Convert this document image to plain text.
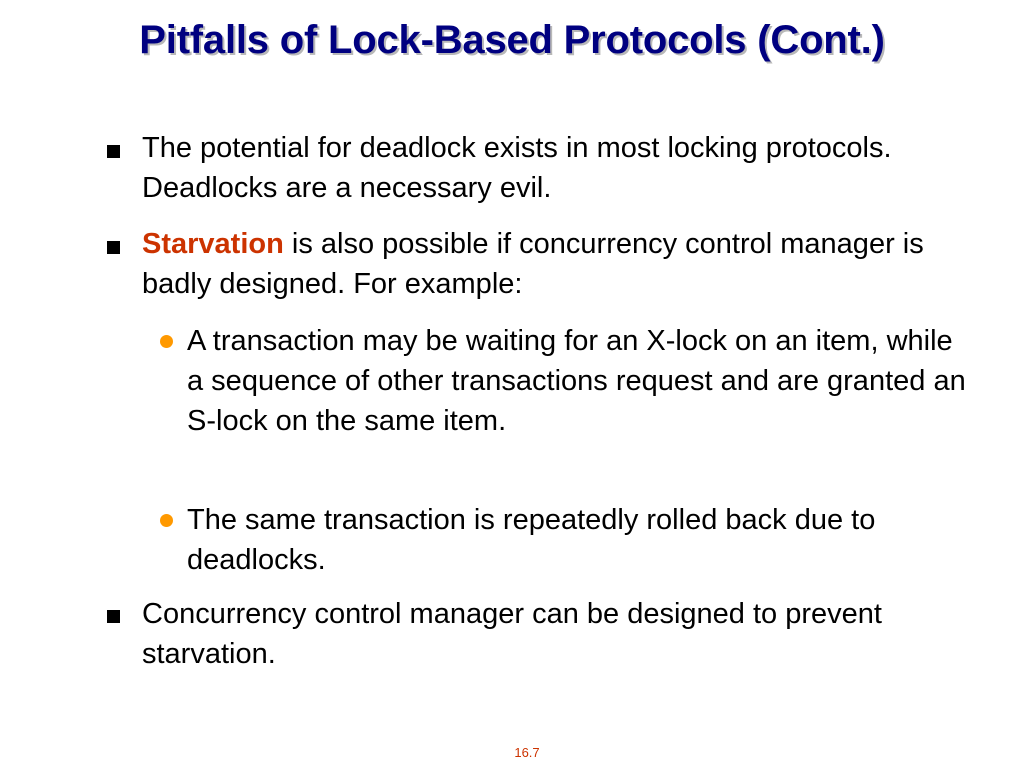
Pitfalls of Lock-Based Protocols (Cont.)
The potential for deadlock exists in most locking protocols. Deadlocks are a necessary evil.
Starvation is also possible if concurrency control manager is badly designed. For example:
A transaction may be waiting for an X-lock on an item, while a sequence of other transactions request and are granted an S-lock on the same item.
The same transaction is repeatedly rolled back due to deadlocks.
Concurrency control manager can be designed to prevent starvation.
16.7
